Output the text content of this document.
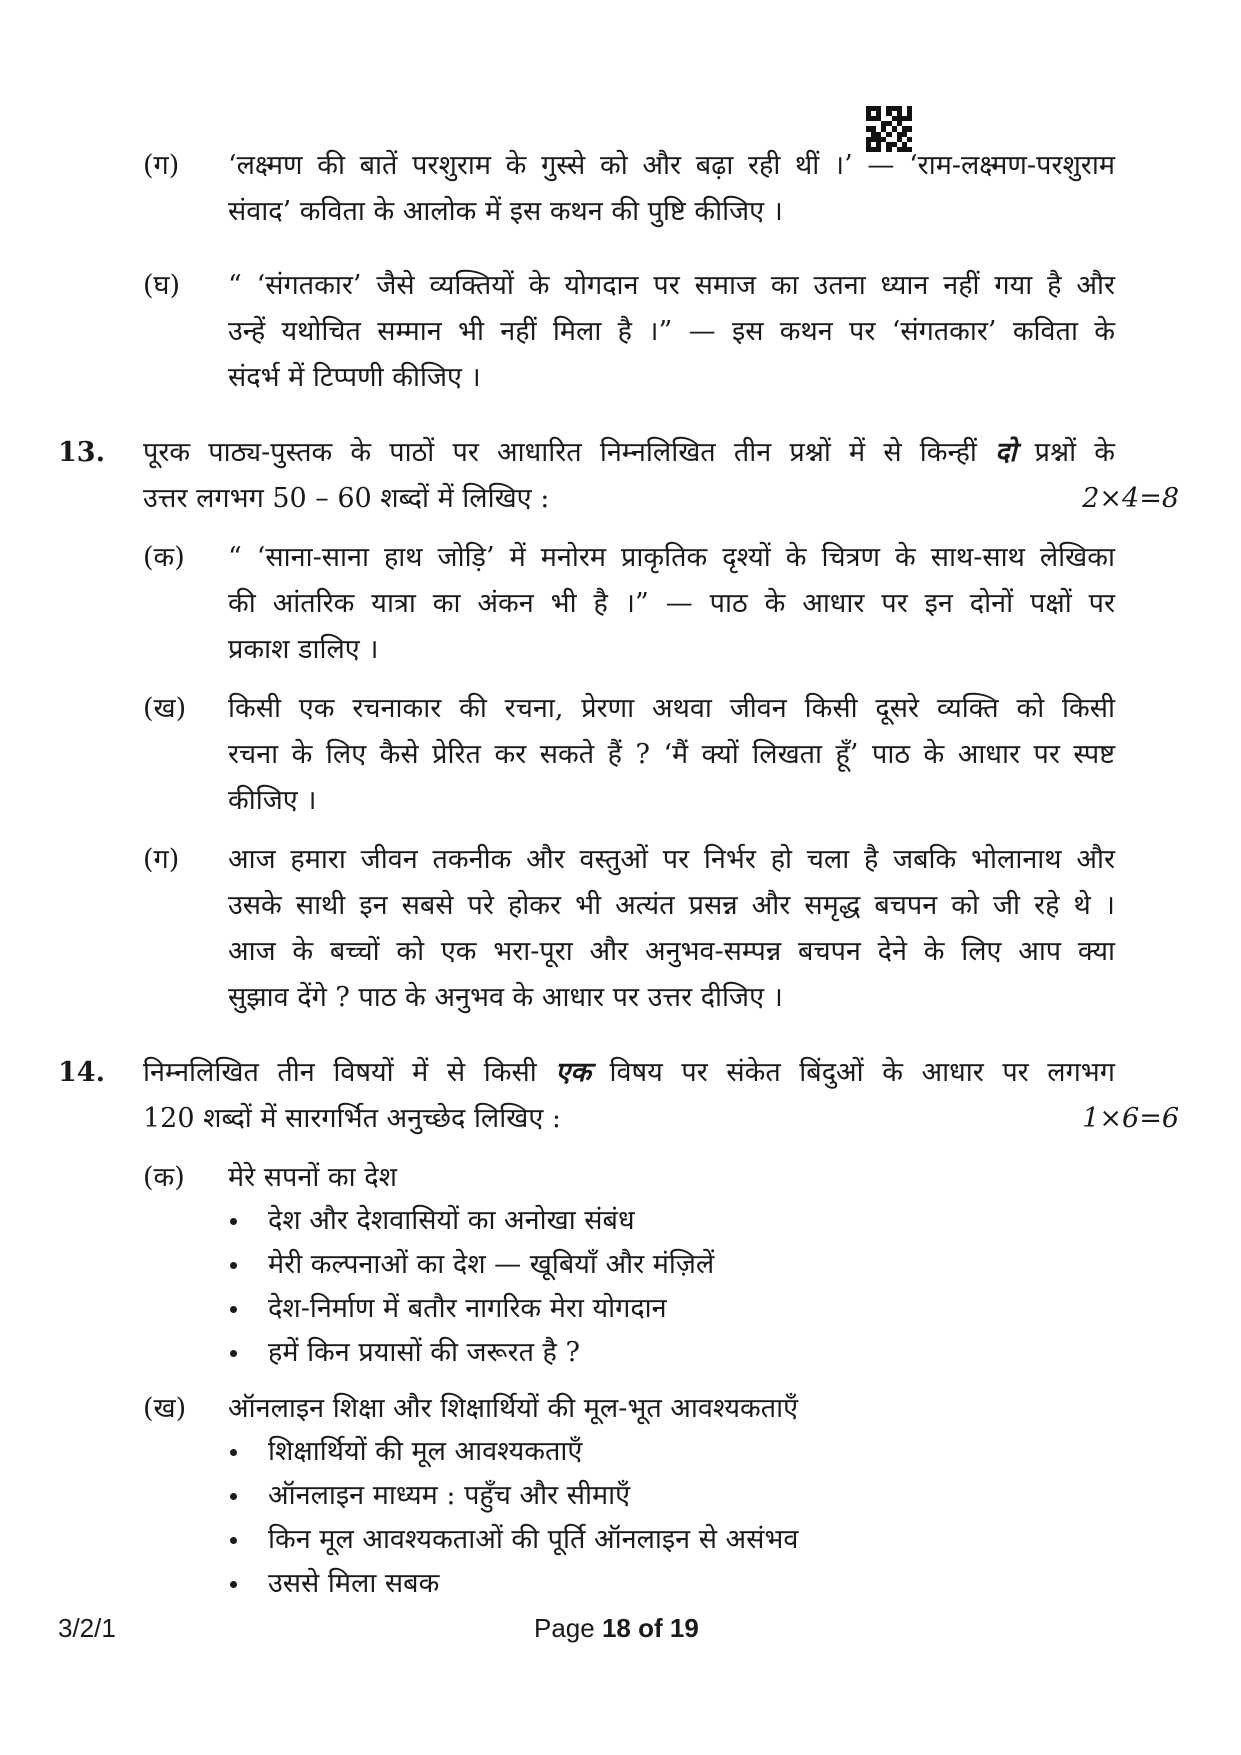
(ग) ‘लक्ष्मण की बातें परशुराम के गुस्से को और बढ़ा रही थीं ।’ — ‘राम-लक्ष्मण-परशुराम
संवाद’ कविता के आलोक में इस कथन की पुष्टि कीजिए ।
(घ) “ ‘संगतकार’ जैसे व्यक्तियों के योगदान पर समाज का उतना ध्यान नहीं गया है और
उन्हें यथोचित सम्मान भी नहीं मिला है ।” — इस कथन पर ‘संगतकार’ कविता के
संदर्भ में टिप्पणी कीजिए ।
13. पूरक पाठ्य-पुस्तक के पाठों पर आधारित निम्नलिखित तीन प्रश्नों में से किन्हीं दो प्रश्नों के
उत्तर लगभग 50 – 60 शब्दों में लिखिए :	2×4=8
(क) “ ‘साना-साना हाथ जोड़ि’ में मनोरम प्राकृतिक दृश्यों के चित्रण के साथ-साथ लेखिका
की आंतरिक यात्रा का अंकन भी है ।” — पाठ के आधार पर इन दोनों पक्षों पर
प्रकाश डालिए ।
(ख) किसी एक रचनाकार की रचना, प्रेरणा अथवा जीवन किसी दूसरे व्यक्ति को किसी
रचना के लिए कैसे प्रेरित कर सकते हैं ? ‘मैं क्यों लिखता हूँ’ पाठ के आधार पर स्पष्ट
कीजिए ।
(ग) आज हमारा जीवन तकनीक और वस्तुओं पर निर्भर हो चला है जबकि भोलानाथ और
उसके साथी इन सबसे परे होकर भी अत्यंत प्रसन्न और समृद्ध बचपन को जी रहे थे ।
आज के बच्चों को एक भरा-पूरा और अनुभव-सम्पन्न बचपन देने के लिए आप क्या
सुझाव देंगे ? पाठ के अनुभव के आधार पर उत्तर दीजिए ।
14. निम्नलिखित तीन विषयों में से किसी एक विषय पर संकेत बिंदुओं के आधार पर लगभग
120 शब्दों में सारगर्भित अनुच्छेद लिखिए :	1×6=6
(क) मेरे सपनों का देश
देश और देशवासियों का अनोखा संबंध
मेरी कल्पनाओं का देश — खूबियाँ और मंज़िलें
देश-निर्माण में बतौर नागरिक मेरा योगदान
हमें किन प्रयासों की जरूरत है ?
(ख) ऑनलाइन शिक्षा और शिक्षार्थियों की मूल-भूत आवश्यकताएँ
शिक्षार्थियों की मूल आवश्यकताएँ
ऑनलाइन माध्यम : पहुँच और सीमाएँ
किन मूल आवश्यकताओं की पूर्ति ऑनलाइन से असंभव
उससे मिला सबक
3/2/1	Page 18 of 19
